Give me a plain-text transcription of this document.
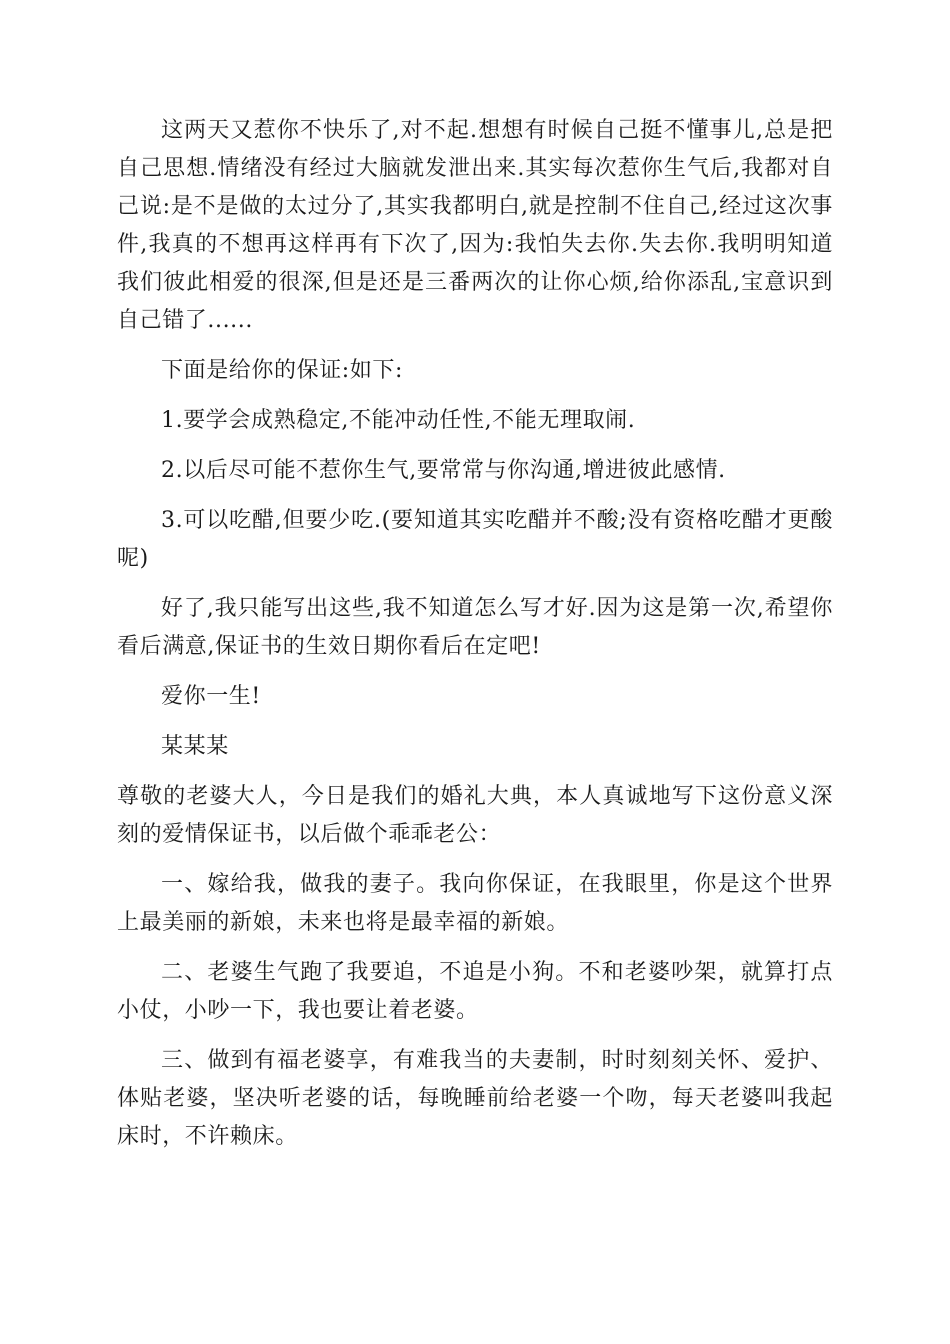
这两天又惹你不快乐了,对不起.想想有时候自己挺不懂事儿,总是把自己思想.情绪没有经过大脑就发泄出来.其实每次惹你生气后,我都对自己说:是不是做的太过分了,其实我都明白,就是控制不住自己,经过这次事件,我真的不想再这样再有下次了,因为:我怕失去你.失去你.我明明知道我们彼此相爱的很深,但是还是三番两次的让你心烦,给你添乱,宝意识到自己错了......

下面是给你的保证:如下:

1.要学会成熟稳定,不能冲动任性,不能无理取闹.

2.以后尽可能不惹你生气,要常常与你沟通,增进彼此感情.

3.可以吃醋,但要少吃.(要知道其实吃醋并不酸;没有资格吃醋才更酸呢)

好了,我只能写出这些,我不知道怎么写才好.因为这是第一次,希望你看后满意,保证书的生效日期你看后在定吧!

爱你一生!

某某某

尊敬的老婆大人，今日是我们的婚礼大典，本人真诚地写下这份意义深刻的爱情保证书，以后做个乖乖老公：

一、嫁给我，做我的妻子。我向你保证，在我眼里，你是这个世界上最美丽的新娘，未来也将是最幸福的新娘。

二、老婆生气跑了我要追，不追是小狗。不和老婆吵架，就算打点小仗，小吵一下，我也要让着老婆。

三、做到有福老婆享，有难我当的夫妻制，时时刻刻关怀、爱护、体贴老婆，坚决听老婆的话，每晚睡前给老婆一个吻，每天老婆叫我起床时，不许赖床。
